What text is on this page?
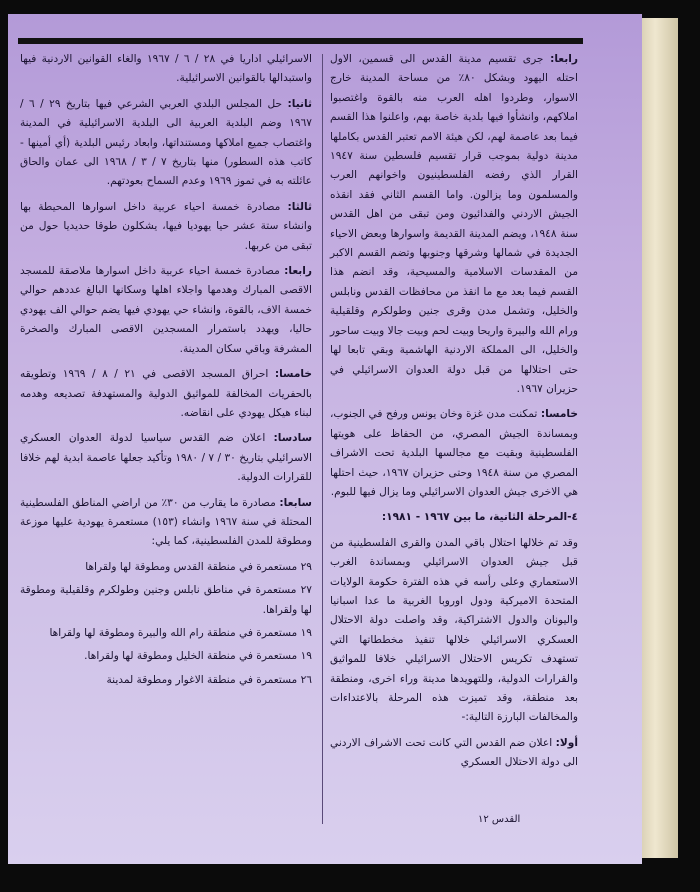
رابعا: جرى تقسيم مدينة القدس الى قسمين، الاول احتله اليهود وبشكل ٨٠٪ من مساحة المدينة خارج الاسوار، وطردوا اهله العرب منه بالقوة واغتصبوا املاكهم، وانشأوا فيها بلدية خاصة بهم، واعلنوا هذا القسم فيما بعد عاصمة لهم، لكن هيئة الامم تعتبر القدس بكاملها مدينة دولية بموجب قرار تقسيم فلسطين سنة ١٩٤٧ القرار الذي رفضه الفلسطينيون واخوانهم العرب والمسلمون وما يزالون. واما القسم الثاني فقد انقذه الجيش الاردني والفدائيون ومن تبقى من اهل القدس سنة ١٩٤٨، ويضم المدينة القديمة واسوارها وبعض الاحياء الجديدة في شمالها وشرقها وجنوبها وتضم القسم الاكبر من المقدسات الاسلامية والمسيحية، وقد انضم هذا القسم فيما بعد مع ما انقذ من محافظات القدس ونابلس والخليل، وتشمل مدن وقرى جنين وطولكرم وقلقيلية ورام الله والبيرة واريحا وبيت لحم وبيت جالا وبيت ساحور والخليل، الى المملكة الاردنية الهاشمية وبقي تابعا لها حتى احتلالها من قبل دولة العدوان الاسرائيلي في حزيران ١٩٦٧.

خامسا: تمكنت مدن غزة وخان يونس ورفح في الجنوب، وبمساندة الجيش المصري، من الحفاظ على هويتها الفلسطينية وبقيت مع مجالسها البلدية تحت الاشراف المصري من سنة ١٩٤٨ وحتى حزيران ١٩٦٧، حيث احتلها هي الاخرى جيش العدوان الاسرائيلي وما يزال فيها للبوم.

٤-المرحلة الثانية، ما بين ١٩٦٧ - ١٩٨١:

وقد تم خلالها احتلال باقي المدن والقرى الفلسطينية من قبل جيش العدوان الاسرائيلي وبمساندة الغرب الاستعماري وعلى رأسه في هذه الفترة حكومة الولايات المتحدة الاميركية ودول اوروبا الغربية ما عدا اسبانيا واليونان والدول الاشتراكية، وقد واصلت دولة الاحتلال العسكري الاسرائيلي خلالها تنفيذ مخططاتها التي تستهدف تكريس الاحتلال الاسرائيلي خلافا للمواثيق والقرارات الدولية، وللتهويدها مدينة وراء اخرى، ومنطقة بعد منطقة، وقد تميزت هذه المرحلة بالاعتداءات والمخالفات البارزة التالية:-

أولا: اعلان ضم القدس التي كانت تحت الاشراف الاردني الى دولة الاحتلال العسكري

الاسرائيلي اداريا في ٢٨ / ٦ / ١٩٦٧ والغاء القوانين الاردنية فيها واستبدالها بالقوانين الاسرائيلية.

ثانيا: حل المجلس البلدي العربي الشرعي فيها بتاريخ ٢٩ / ٦ / ١٩٦٧ وضم البلدية العربية الى البلدية الاسرائيلية في المدينة واغتصاب جميع املاكها ومستنداتها، وابعاد رئيس البلدية (أي أمينها - كاتب هذه السطور) منها بتاريخ ٧ / ٣ / ١٩٦٨ الى عمان والحاق عائلته به في تموز ١٩٦٩ وعدم السماح بعودتهم.

ثالثا: مصادرة خمسة احياء عربية داخل اسوارها المحيطة بها وانشاء ستة عشر حيا يهوديا فيها، يشكلون طوقا حديديا حول من تبقى من عربها.

رابعا: مصادرة خمسة احياء عربية داخل اسوارها ملاصقة للمسجد الاقصى المبارك وهدمها واجلاء اهلها وسكانها البالغ عددهم حوالي خمسة الاف، بالقوة، وانشاء حي يهودي فيها يضم حوالي الف يهودي حاليا، ويهدد باستمرار المسجدين الاقصى المبارك والصخرة المشرفة وباقي سكان المدينة.

خامسا: احراق المسجد الاقصى في ٢١ / ٨ / ١٩٦٩ وتطويقه بالحفريات المخالفة للمواثيق الدولية والمستهدفة تصديعه وهدمه لبناء هيكل يهودي على انقاضه.

سادسا: اعلان ضم القدس سياسيا لدولة العدوان العسكري الاسرائيلي بتاريخ ٣٠ / ٧ / ١٩٨٠ وتأكيد جعلها عاصمة ابدية لهم خلافا للقرارات الدولية.

سابعا: مصادرة ما يقارب من ٣٠٪ من اراضي المناطق الفلسطينية المحتلة في سنة ١٩٦٧ وانشاء (١٥٣) مستعمرة يهودية عليها موزعة ومطوقة للمدن الفلسطينية، كما يلي:

٢٩ مستعمرة في منطقة القدس ومطوقة لها ولقراها

٢٧ مستعمرة في مناطق نابلس وجنين وطولكرم وقلقيلية ومطوقة لها ولقراها.

١٩ مستعمرة في منطقة رام الله والبيرة ومطوقة لها ولقراها

١٩ مستعمرة في منطقة الخليل ومطوقة لها ولقراها.

٢٦ مستعمرة في منطقة الاغوار ومطوقة لمدينة

القدس ١٢
